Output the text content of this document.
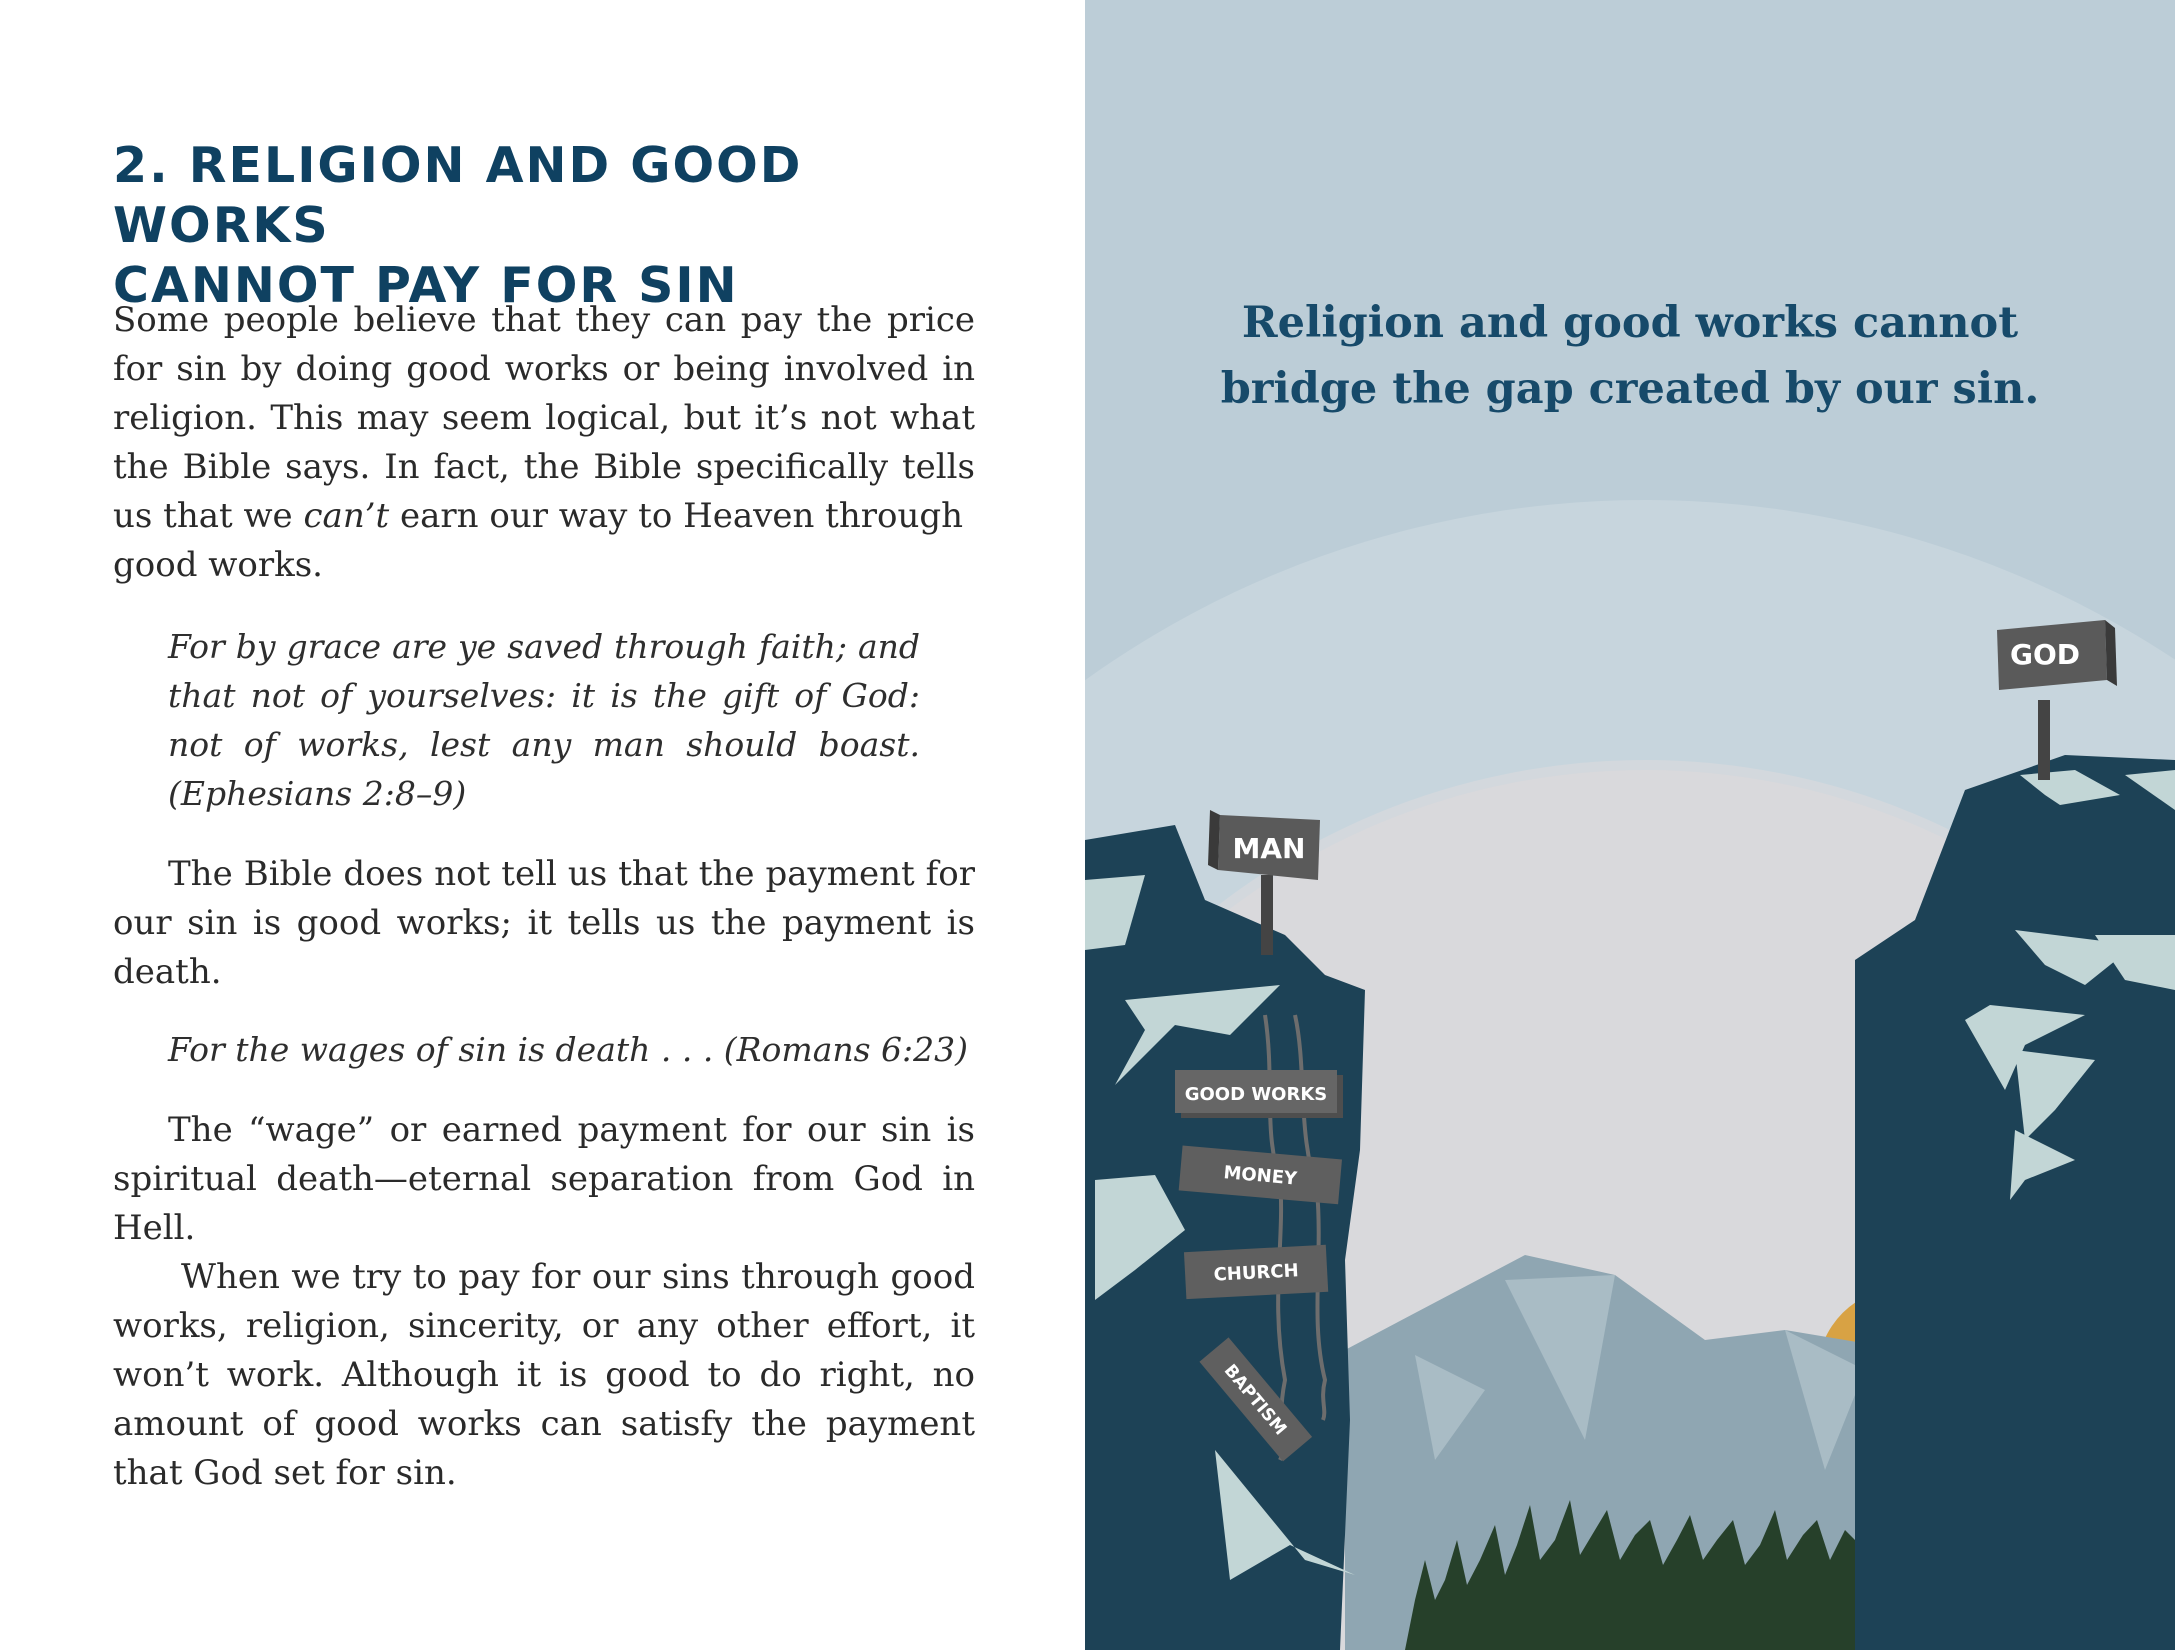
2. RELIGION AND GOOD WORKS
CANNOT PAY FOR SIN

Some people believe that they can pay the price for sin by doing good works or being involved in religion. This may seem logical, but it’s not what the Bible says. In fact, the Bible specifically tells us that we can’t earn our way to Heaven through
good works.

For by grace are ye saved through faith; and that not of yourselves: it is the gift of God: not of works, lest any man should boast. (Ephesians 2:8–9)

The Bible does not tell us that the payment for our sin is good works; it tells us the payment is death.

For the wages of sin is death . . . (Romans 6:23)

The “wage” or earned payment for our sin is spiritual death—eternal separation from God in Hell.

When we try to pay for our sins through good works, religion, sincerity, or any other effort, it won’t work. Although it is good to do right, no amount of good works can satisfy the payment that God set for sin.

GOD
MAN
GOOD WORKS
MONEY
CHURCH
BAPTISM
Religion and good works cannot
bridge the gap created by our sin.
